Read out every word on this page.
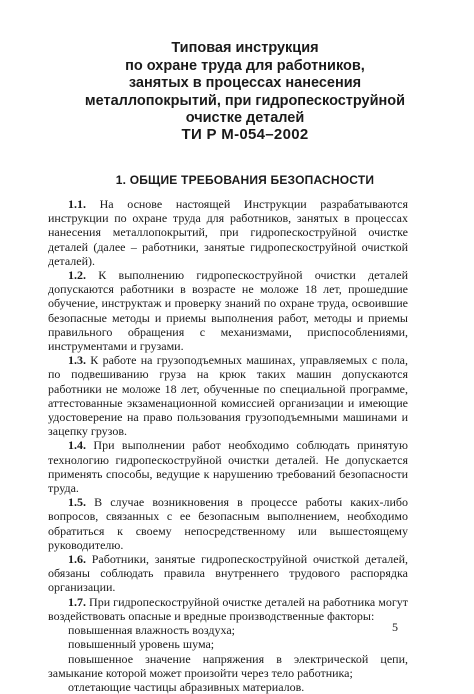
Типовая инструкция
по охране труда для работников,
занятых в процессах нанесения
металлопокрытий, при гидропескоструйной
очистке деталей
ТИ Р М-054–2002
1. ОБЩИЕ ТРЕБОВАНИЯ БЕЗОПАСНОСТИ

1.1. На основе настоящей Инструкции разрабатываются инструкции по охране труда для работников, занятых в процессах нанесения металлопокрытий, при гидропескоструйной очистке деталей (далее – работники, занятые гидропескоструйной очисткой деталей).

1.2. К выполнению гидропескоструйной очистки деталей допускаются работники в возрасте не моложе 18 лет, прошедшие обучение, инструктаж и проверку знаний по охране труда, освоившие безопасные методы и приемы выполнения работ, методы и приемы правильного обращения с механизмами, приспособлениями, инструментами и грузами.

1.3. К работе на грузоподъемных машинах, управляемых с пола, по подвешиванию груза на крюк таких машин допускаются работники не моложе 18 лет, обученные по специальной программе, аттестованные экзаменационной комиссией организации и имеющие удостоверение на право пользования грузоподъемными машинами и зацепку грузов.

1.4. При выполнении работ необходимо соблюдать принятую технологию гидропескоструйной очистки деталей. Не допускается применять способы, ведущие к нарушению требований безопасности труда.

1.5. В случае возникновения в процессе работы каких-либо вопросов, связанных с ее безопасным выполнением, необходимо обратиться к своему непосредственному или вышестоящему руководителю.

1.6. Работники, занятые гидропескоструйной очисткой деталей, обязаны соблюдать правила внутреннего трудового распорядка организации.

1.7. При гидропескоструйной очистке деталей на работника могут воздействовать опасные и вредные производственные факторы:

повышенная влажность воздуха;

повышенный уровень шума;

повышенное значение напряжения в электрической цепи, замыкание которой может произойти через тело работника;

отлетающие частицы абразивных материалов.

5
